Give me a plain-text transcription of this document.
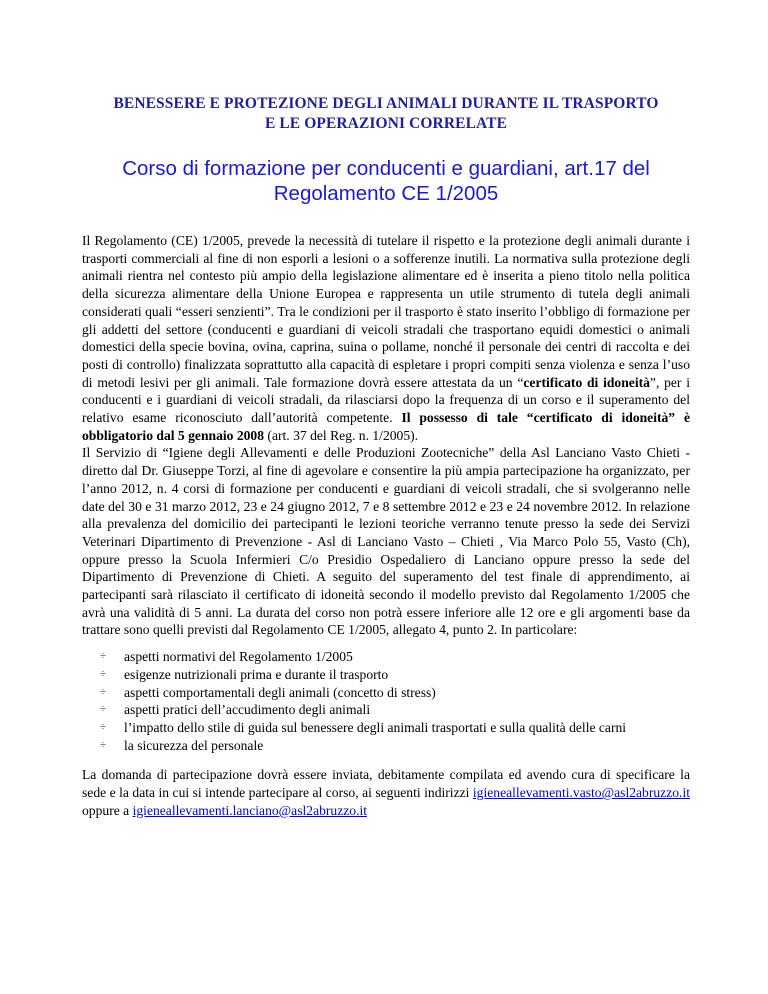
BENESSERE E PROTEZIONE DEGLI ANIMALI DURANTE IL TRASPORTO
E LE OPERAZIONI CORRELATE
Corso di formazione per conducenti e guardiani, art.17 del
Regolamento CE 1/2005

Il Regolamento (CE) 1/2005, prevede la necessità di tutelare il rispetto e la protezione degli animali durante i trasporti commerciali al fine di non esporli a lesioni o a sofferenze inutili. La normativa sulla protezione degli animali rientra nel contesto più ampio della legislazione alimentare ed è inserita a pieno titolo nella politica della sicurezza alimentare della Unione Europea e rappresenta un utile strumento di tutela degli animali considerati quali “esseri senzienti”. Tra le condizioni per il trasporto è stato inserito l’obbligo di formazione per gli addetti del settore (conducenti e guardiani di veicoli stradali che trasportano equidi domestici o animali domestici della specie bovina, ovina, caprina, suina o pollame, nonché il personale dei centri di raccolta e dei posti di controllo) finalizzata soprattutto alla capacità di espletare i propri compiti senza violenza e senza l’uso di metodi lesivi per gli animali. Tale formazione dovrà essere attestata da un “certificato di idoneità”, per i conducenti e i guardiani di veicoli stradali, da rilasciarsi dopo la frequenza di un corso e il superamento del relativo esame riconosciuto dall’autorità competente. Il possesso di tale “certificato di idoneità” è obbligatorio dal 5 gennaio 2008 (art. 37 del Reg. n. 1/2005).

Il Servizio di “Igiene degli Allevamenti e delle Produzioni Zootecniche” della Asl Lanciano Vasto Chieti - diretto dal Dr. Giuseppe Torzi, al fine di agevolare e consentire la più ampia partecipazione ha organizzato, per l’anno 2012, n. 4 corsi di formazione per conducenti e guardiani di veicoli stradali, che si svolgeranno nelle date del 30 e 31 marzo 2012, 23 e 24 giugno 2012, 7 e 8 settembre 2012 e 23 e 24 novembre 2012. In relazione alla prevalenza del domicilio dei partecipanti le lezioni teoriche verranno tenute presso la sede dei Servizi Veterinari Dipartimento di Prevenzione - Asl di Lanciano Vasto – Chieti , Via Marco Polo 55, Vasto (Ch), oppure presso la Scuola Infermieri C/o Presidio Ospedaliero di Lanciano oppure presso la sede del Dipartimento di Prevenzione di Chieti. A seguito del superamento del test finale di apprendimento, ai partecipanti sarà rilasciato il certificato di idoneità secondo il modello previsto dal Regolamento 1/2005 che avrà una validità di 5 anni. La durata del corso non potrà essere inferiore alle 12 ore e gli argomenti base da trattare sono quelli previsti dal Regolamento CE 1/2005, allegato 4, punto 2. In particolare:

÷	aspetti normativi del Regolamento 1/2005
÷	esigenze nutrizionali prima e durante il trasporto
÷	aspetti comportamentali degli animali (concetto di stress)
÷	aspetti pratici dell’accudimento degli animali
÷	l’impatto dello stile di guida sul benessere degli animali trasportati e sulla qualità delle carni
÷	la sicurezza del personale

La domanda di partecipazione dovrà essere inviata, debitamente compilata ed avendo cura di specificare la sede e la data in cui si intende partecipare al corso, ai seguenti indirizzi igieneallevamenti.vasto@asl2abruzzo.it oppure a igieneallevamenti.lanciano@asl2abruzzo.it
